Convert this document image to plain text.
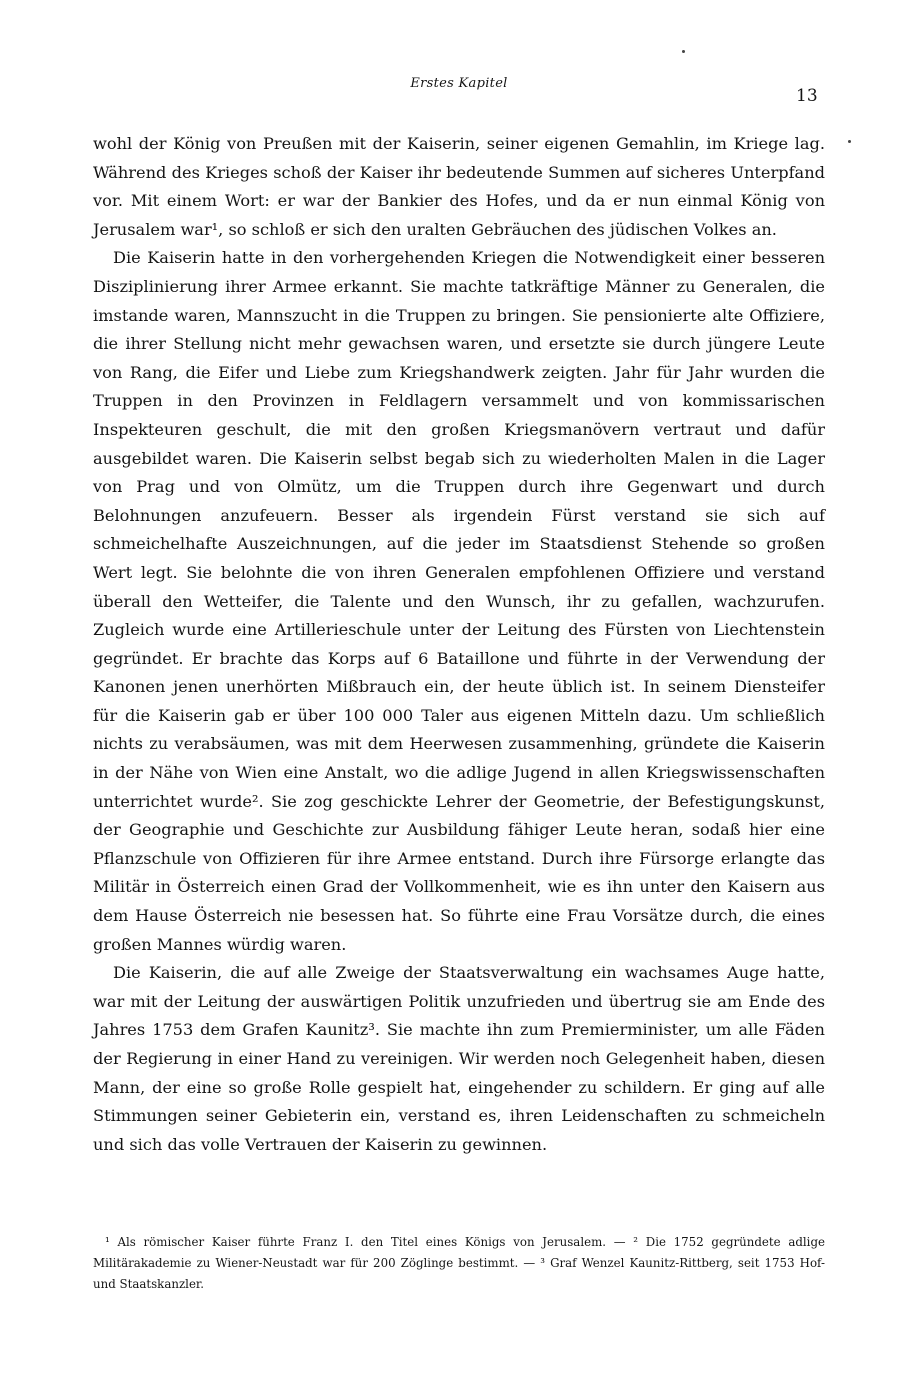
Erstes Kapitel
13

wohl der König von Preußen mit der Kaiserin, seiner eigenen Gemahlin, im Kriege lag. Während des Krieges schoß der Kaiser ihr bedeutende Summen auf sicheres Unterpfand vor. Mit einem Wort: er war der Bankier des Hofes, und da er nun einmal König von Jerusalem war¹, so schloß er sich den uralten Gebräuchen des jüdischen Volkes an.

Die Kaiserin hatte in den vorhergehenden Kriegen die Notwendigkeit einer besseren Disziplinierung ihrer Armee erkannt. Sie machte tatkräftige Männer zu Generalen, die imstande waren, Mannszucht in die Truppen zu bringen. Sie pensionierte alte Offiziere, die ihrer Stellung nicht mehr gewachsen waren, und ersetzte sie durch jüngere Leute von Rang, die Eifer und Liebe zum Kriegshandwerk zeigten. Jahr für Jahr wurden die Truppen in den Provinzen in Feldlagern versammelt und von kommissarischen Inspekteuren geschult, die mit den großen Kriegsmanövern vertraut und dafür ausgebildet waren. Die Kaiserin selbst begab sich zu wiederholten Malen in die Lager von Prag und von Olmütz, um die Truppen durch ihre Gegenwart und durch Belohnungen anzufeuern. Besser als irgendein Fürst verstand sie sich auf schmeichelhafte Auszeichnungen, auf die jeder im Staatsdienst Stehende so großen Wert legt. Sie belohnte die von ihren Generalen empfohlenen Offiziere und verstand überall den Wetteifer, die Talente und den Wunsch, ihr zu gefallen, wachzurufen. Zugleich wurde eine Artillerieschule unter der Leitung des Fürsten von Liechtenstein gegründet. Er brachte das Korps auf 6 Bataillone und führte in der Verwendung der Kanonen jenen unerhörten Mißbrauch ein, der heute üblich ist. In seinem Diensteifer für die Kaiserin gab er über 100 000 Taler aus eigenen Mitteln dazu. Um schließlich nichts zu verabsäumen, was mit dem Heerwesen zusammenhing, gründete die Kaiserin in der Nähe von Wien eine Anstalt, wo die adlige Jugend in allen Kriegswissenschaften unterrichtet wurde². Sie zog geschickte Lehrer der Geometrie, der Befestigungskunst, der Geographie und Geschichte zur Ausbildung fähiger Leute heran, sodaß hier eine Pflanzschule von Offizieren für ihre Armee entstand. Durch ihre Fürsorge erlangte das Militär in Österreich einen Grad der Vollkommenheit, wie es ihn unter den Kaisern aus dem Hause Österreich nie besessen hat. So führte eine Frau Vorsätze durch, die eines großen Mannes würdig waren.

Die Kaiserin, die auf alle Zweige der Staatsverwaltung ein wachsames Auge hatte, war mit der Leitung der auswärtigen Politik unzufrieden und übertrug sie am Ende des Jahres 1753 dem Grafen Kaunitz³. Sie machte ihn zum Premierminister, um alle Fäden der Regierung in einer Hand zu vereinigen. Wir werden noch Gelegenheit haben, diesen Mann, der eine so große Rolle gespielt hat, eingehender zu schildern. Er ging auf alle Stimmungen seiner Gebieterin ein, verstand es, ihren Leidenschaften zu schmeicheln und sich das volle Vertrauen der Kaiserin zu gewinnen.

¹ Als römischer Kaiser führte Franz I. den Titel eines Königs von Jerusalem. — ² Die 1752 gegründete adlige Militärakademie zu Wiener-Neustadt war für 200 Zöglinge bestimmt. — ³ Graf Wenzel Kaunitz-Rittberg, seit 1753 Hof- und Staatskanzler.
